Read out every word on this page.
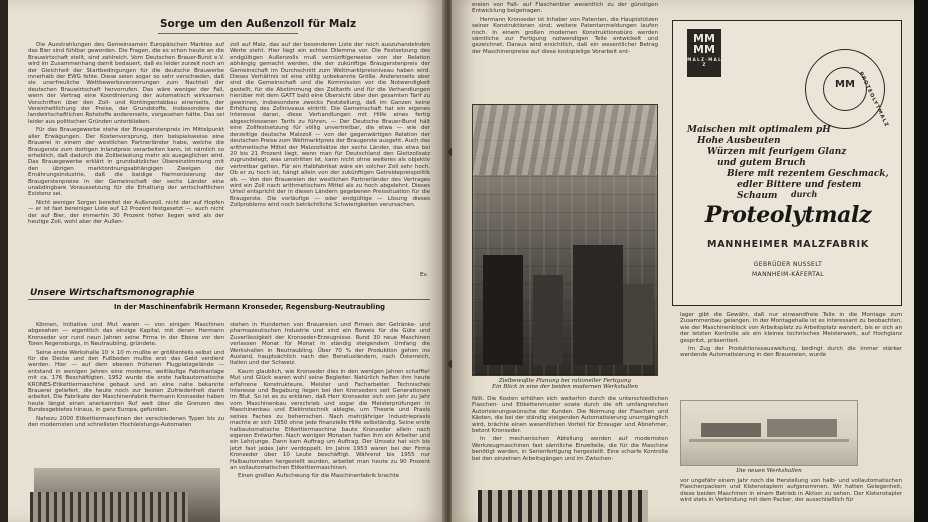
Sorge um den Außenzoll für Malz

Die Ausstrahlungen des Gemeinsamen Europäischen Marktes auf das Bier sind fühlbar geworden. Die Fragen, die es schon heute an die Brauwirtschaft stellt, sind zahlreich. Vom Deutschen Brauer-Bund e.V. wird im Zusammenhang damit bedauert, daß es leider zurzeit noch an der Gleichheit der Startbedingungen für die deutsche Brauwerbe innerhalb der EWG fehle. Diese seien sogar so sehr verschieden, daß sie unerfreuliche Wettbewerbsverzerrungen zum Nachteil der deutschen Brauwirtschaft hervorrufen. Das wäre weniger der Fall, wenn der Vertrag eine Koordinierung der automatisch wirksamen Vorschriften über den Zoll- und Kontingentabbau einerseits, der Vereinheitlichung der Preise, der Grundstoffe, insbesondere der landwirtschaftlichen Rohstoffe andererseits, vorgesehen hätte. Das sei leider aus politischen Gründen unterblieben.

Für das Brauegewerbe stehe der Braugerstenpreis im Mittelpunkt aller Erwägungen. Der Kostenvorsprung, den beispielsweise eine Brauerei in einem der westlichen Partnerländer habe, welche die Braugerste zum dortigen Inlandpreis verarbeiten kann, ist nämlich so erheblich, daß dadurch die Zollbelastung mehr als ausgeglichen wird. Das Brauegewerbe erklärt in grundsätzlicher Übereinstimmung mit den übrigen marktordnungsabhängigen Zweigen der Ernährungsindustrie, daß die baldige Harmonisierung der Braugerstenpreise in der Gemeinschaft der sechs Länder eine unabdingbare Voraussetzung für die Erhaltung der wirtschaftlichen Existenz sei.

Nicht weniger Sorgen bereitet der Außenzoll, nicht der auf Hopfen — er ist fast bereiniger Liste auf 12 Prozent festgesetzt —, auch nicht der auf Bier, der immerhin 30 Prozent höher liegen wird als der heutige Zoll, wohl aber der Außen-

zoll auf Malz, das auf der besonderen Liste der noch auszuhandelnden Werte steht. Hier liegt ein echtes Dilemma vor. Die Festsetzung des endgültigen Außenzolls muß vernünftigerweise von der Relation abhängig gemacht werden, die der zukünftige Braugerstenpreis der Gemeinschaft im Durchschnitt zum Weltmarktpreisniveau haben wird. Dieses Verhältnis ist eine völlig unbekannte Größe. Andererseits aber sind die Gemeinschaft und die Kommission vor die Notwendigkeit gestellt, für die Abstimmung des Zolltarifs und für die Verhandlungen hierüber mit dem GATT bald eine Übersicht über den gesamten Tarif zu gewinnen, insbesondere zwecks Feststellung, daß im Ganzen keine Erhöhung des Zollniveaus eintritt. Die Gemeinschaft hat ein eigenes Interesse daran, diese Verhandlungen mit Hilfe eines fertig abgeschlossenen Tarifs zu führen. — Der Deutsche Brauer-Bund hält eine Zollfestsetzung für völlig unvertretbar, die etwa — wie der derzeitige deutsche Malzzoll — von der gegenwärtigen Relation der deutschen Preise zum Weltmarktpreis der Braugerste ausgeht. Auch das arithmetische Mittel der Malzzollsätze der sechs Länder, das etwa bei 20 bis 21 Prozent liegt, wenn man für Deutschland den Gleitzollsatz zugrundelegt, was umstritten ist, kann nicht ohne weiteres als objektiv vertretbar gelten. Für ein Halbfabrikat wäre ein solcher Zoll sehr hoch. Ob er zu hoch ist, hängt allein von der zukünftigen Getreidepreispolitik ab. — Von den Brauereien der westlichen Partnerländer des Vertrages wird ein Zoll nach arithmetischem Mittel als zu hoch abgelehnt. Dieses Urteil entspricht der in diesen Ländern gegebenen Preissituation für die Braugerste. Die vorläufige — oder endgültige — Lösung dieses Zollproblems wird noch beträchtliche Schwierigkeiten verursachen.

Ev.
Unsere Wirtschaftsmonographie
In der Maschinenfabrik Hermann Kronseder, Regensburg-Neutraubling

Können, Initiative und Mut waren — von einigen Maschinen abgesehen — eigentlich das einzige Kapital, mit denen Hermann Kronseder vor rund neun Jahren seine Firma in der Ebene vor den Toren Regensburgs, in Neutraubling, gründete.

Seine erste Werkshalle 10 × 10 m mußte er größtenteils selbst und für die Decke und den Fußboden mußte erst das Geld verdient werden. Hier — auf dem ebenen früheren Flugplatzgelände — entstand in wenigen Jahren eine moderne, weitläufige Fabrikanlage mit ca. 176 Beschäftigten. 1952 wurde die erste halbautomatische KRONES-Etikettiermaschine gebaut und an eine nahe bekannte Brauerei geliefert, die heute noch zur besten Zufriedenheit damit arbeitet. Die Fabrikate der Maschinenfabrik Hermann Kronseder haben heute längst einen anerkannten Ruf weit über die Grenzen des Bundesgebietes hinaus, in ganz Europa, gefunden.

Nahezu 2000 Etikettiermaschinen der verschiedenen Typen bis zu den modernsten und schnellsten Hochleistungs-Automaten

stehen in Hunderten von Brauereien und Firmen der Getränke- und pharmazeutischen Industrie und sind ein Beweis für die Güte und Zuverlässigkeit der Kronseder-Erzeugnisse. Rund 30 neue Maschinen verlassen Monat für Monat in ständig steigendem Umfang die Werkshallen in Neutraubling. Über 70 % der Produktion gehen ins Ausland, hauptsächlich nach den Beneluxländern, nach Österreich, Italien und der Schweiz.

Kaum glaublich, wie Kronseder dies in den wenigen Jahren schaffte! Mut und Glück waren wohl seine Begleiter. Natürlich helfen ihm heute erfahrene Konstrukteure, Meister und Facharbeiter. Technisches Interesse und Begabung liegen bei den Kronseders seit Generationen im Blut. So ist es zu erklären, daß Herr Kronseder sich von Jahr zu Jahr vom Maschinenbau verschrieb und sogar die Meisterprüfungen in Maschinenbau und Elektrotechnik ablegte, um Theorie und Praxis seines Faches zu beherrschen. Nach mehrjähriger Industriepraxis machte er sich 1950 ohne jede finanzielle Hilfe selbständig. Seine erste halbautomatische Etikettiermaschine baute Kronseder allein nach eigenen Entwürfen. Nach wenigen Monaten halfen ihm ein Arbeiter und ein Lehrjunge. Dann kam Auftrag um Auftrag. Der Umsatz hat sich bis jetzt fast jedes Jahr verdoppelt. Im Jahre 1953 waren bei der Firma Kronseder über 10 Leute beschäftigt. Während bis 1955 nur Halbautomaten hergestellt wurden, arbeitet man heute zu 90 Prozent an vollautomatischen Etikettiermaschinen.

Einen großen Aufschwung für die Maschinenfabrik brachte

ereien von Faß- auf Flaschenbier wesentlich zu der günstigen Entwicklung beigetragen.

Hermann Kronseder ist Inhaber von Patenten, die Hauptstützen seiner Konstruktionen sind; weitere Patentanmeldungen laufen noch. In einem großen modernen Konstruktionsbüro werden sämtliche zur Fertigung notwendigen Teile entwickelt und gezeichnet. Daraus wird ersichtlich, daß ein wesentlicher Betrag der Maschinenpreise auf diese kostspielige Vorarbeit ent-

Zielbewußte Planung bei rationeller Fertigung
Ein Blick in eine der beiden modernen Werkshallen

fällt. Die Kosten erhöhen sich weiterhin durch die unterschiedlichen Flaschen- und Etikettenmuster sowie durch die oft umfangreichen Autorisierungswünsche der Kunden. Die Normung der Flaschen und Kästen, die bei der ständig steigenden Automatisierung unumgänglich wird, brächte einen wesentlichen Vorteil für Erzeuger und Abnehmer, betont Kronseder.

In der mechanischen Abteilung werden auf modernsten Werkzeugmaschinen fast sämtliche Einzelteile, die für die Maschine benötigt werden, in Serienfertigung hergestellt. Eine scharfe Kontrolle bei den einzelnen Arbeitsgängen und im Zwischen-

MM
MM
M A L Z · M A L Z
MM PROTEOLYTMALZ
Maischen mit optimalem pH
Hohe Ausbeuten
Würzen mit feurigem Glanz
und gutem Bruch
Biere mit rezentem Geschmack,
edler Bittere und festem Schaum	durch
Proteolytmalz
MANNHEIMER MALZFABRIK
GEBRÜDER NUSSELT
MANNHEIM-KÄFERTAL

lager gibt die Gewähr, daß nur einwandfreie Teile in die Montage zum Zusammenbau gelangen. In der Montagehalle ist es interessant zu beobachten, wie der Maschinenblock von Arbeitsplatz zu Arbeitsplatz wandert, bis er sich an der letzten Kontrolle als ein kleines technisches Meisterwerk, auf Hochglanz gespritzt, präsentiert.

Im Zug der Produktionssausweitung, bedingt durch die immer stärker werdende Automatisierung in den Brauereien, wurde

Die neuen Werkshallen

vor ungefähr einem Jahr noch die Herstellung von halb- und vollautomatischen Flaschenpackern und Kistenstaplern aufgenommen. Wir hatten Gelegenheit, diese beiden Maschinen in einem Betrieb in Aktion zu sehen. Der Kistenstapler wird stets in Verbindung mit dem Packer, der ausschließlich für
